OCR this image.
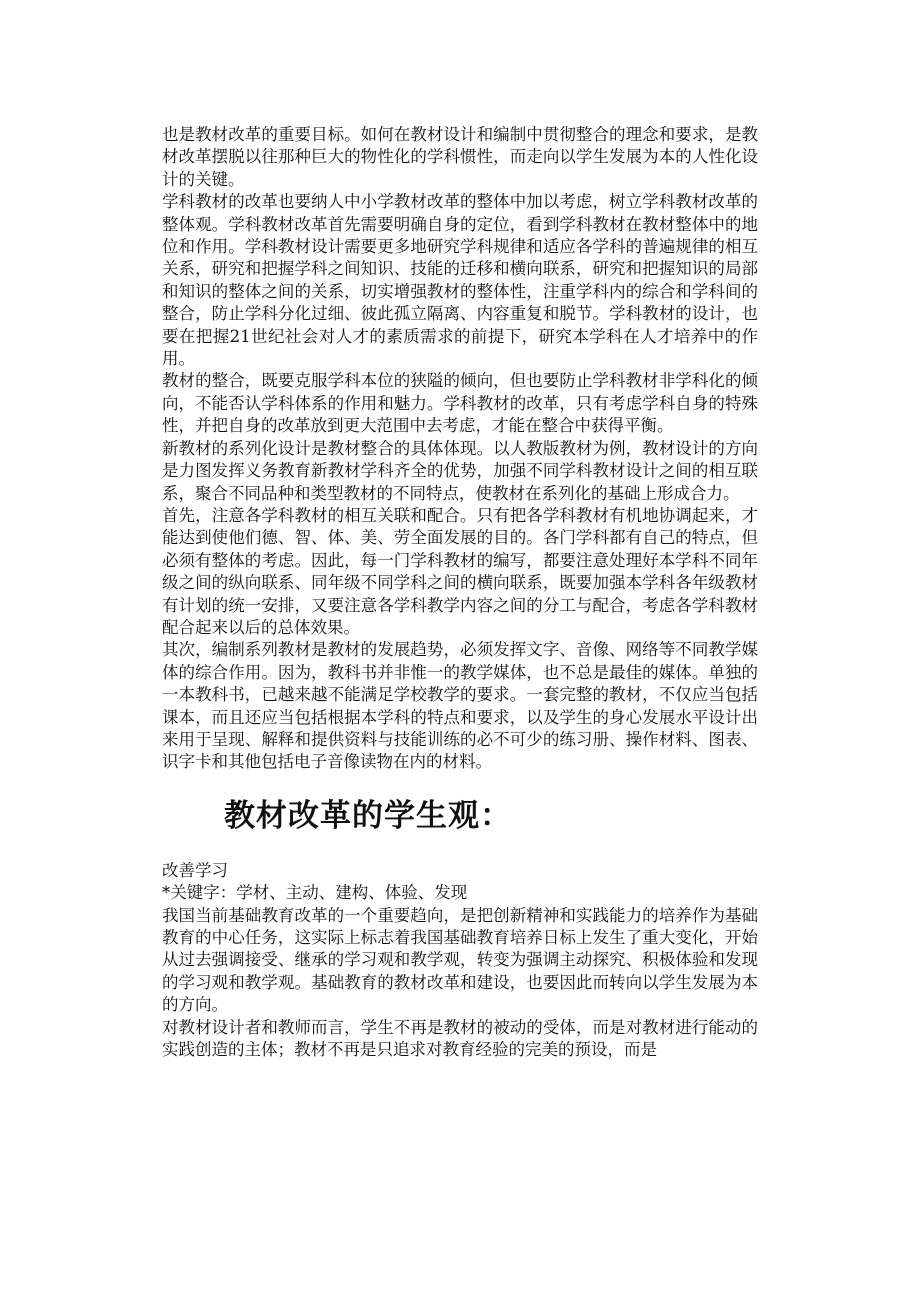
也是教材改革的重要目标。如何在教材设计和编制中贯彻整合的理念和要求，是教材改革摆脱以往那种巨大的物性化的学科惯性，而走向以学生发展为本的人性化设计的关键。

学科教材的改革也要纳人中小学教材改革的整体中加以考虑，树立学科教材改革的整体观。学科教材改革首先需要明确自身的定位，看到学科教材在教材整体中的地位和作用。学科教材设计需要更多地研究学科规律和适应各学科的普遍规律的相互关系，研究和把握学科之间知识、技能的迁移和横向联系，研究和把握知识的局部和知识的整体之间的关系，切实增强教材的整体性，注重学科内的综合和学科间的整合，防止学科分化过细、彼此孤立隔离、内容重复和脱节。学科教材的设计，也要在把握21世纪社会对人才的素质需求的前提下，研究本学科在人才培养中的作用。

教材的整合，既要克服学科本位的狭隘的倾向，但也要防止学科教材非学科化的倾向，不能否认学科体系的作用和魅力。学科教材的改革，只有考虑学科自身的特殊性，并把自身的改革放到更大范围中去考虑，才能在整合中获得平衡。

新教材的系列化设计是教材整合的具体体现。以人教版教材为例，教材设计的方向是力图发挥义务教育新教材学科齐全的优势，加强不同学科教材设计之间的相互联系，聚合不同品种和类型教材的不同特点，使教材在系列化的基础上形成合力。

首先，注意各学科教材的相互关联和配合。只有把各学科教材有机地协调起来，才能达到使他们德、智、体、美、劳全面发展的目的。各门学科都有自己的特点，但必须有整体的考虑。因此，每一门学科教材的编写，都要注意处理好本学科不同年级之间的纵向联系、同年级不同学科之间的横向联系，既要加强本学科各年级教材有计划的统一安排，又要注意各学科教学内容之间的分工与配合，考虑各学科教材配合起来以后的总体效果。

其次，编制系列教材是教材的发展趋势，必须发挥文字、音像、网络等不同教学媒体的综合作用。因为，教科书并非惟一的教学媒体，也不总是最佳的媒体。单独的一本教科书，已越来越不能满足学校教学的要求。一套完整的教材，不仅应当包括课本，而且还应当包括根据本学科的特点和要求，以及学生的身心发展水平设计出来用于呈现、解释和提供资料与技能训练的必不可少的练习册、操作材料、图表、识字卡和其他包括电子音像读物在内的材料。

教材改革的学生观：

改善学习

*关键字：学材、主动、建构、体验、发现

我国当前基础教育改革的一个重要趋向，是把创新精神和实践能力的培养作为基础教育的中心任务，这实际上标志着我国基础教育培养日标上发生了重大变化，开始从过去强调接受、继承的学习观和教学观，转变为强调主动探究、积极体验和发现的学习观和教学观。基础教育的教材改革和建设，也要因此而转向以学生发展为本的方向。

对教材设计者和教师而言，学生不再是教材的被动的受体，而是对教材进行能动的实践创造的主体；教材不再是只追求对教育经验的完美的预设，而是
